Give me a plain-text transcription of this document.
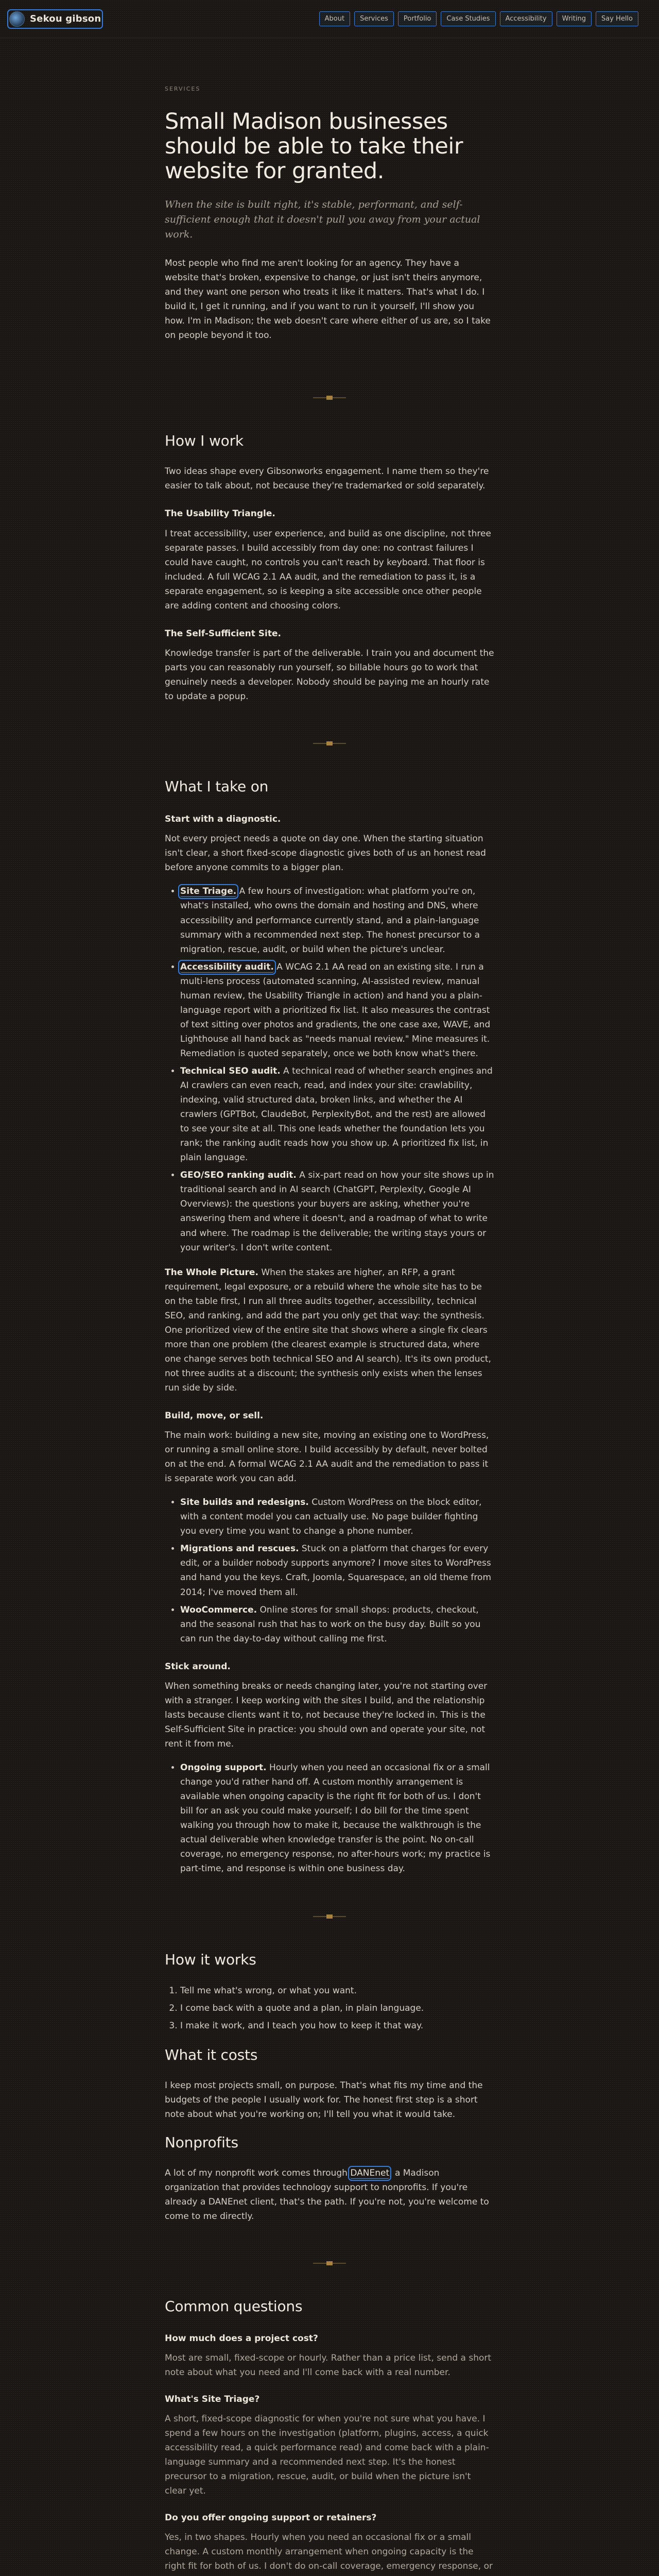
Sekou gibson	About	Services	Portfolio	Case Studies	Accessibility	Writing	Say Hello
SERVICES
Small Madison businesses should be able to take their website for granted.

When the site is built right, it's stable, performant, and self-sufficient enough that it doesn't pull you away from your actual work.

Most people who find me aren't looking for an agency. They have a website that's broken, expensive to change, or just isn't theirs anymore, and they want one person who treats it like it matters. That's what I do. I build it, I get it running, and if you want to run it yourself, I'll show you how. I'm in Madison; the web doesn't care where either of us are, so I take on people beyond it too.

How I work

Two ideas shape every Gibsonworks engagement. I name them so they're easier to talk about, not because they're trademarked or sold separately.

The Usability Triangle.

I treat accessibility, user experience, and build as one discipline, not three separate passes. I build accessibly from day one: no contrast failures I could have caught, no controls you can't reach by keyboard. That floor is included. A full WCAG 2.1 AA audit, and the remediation to pass it, is a separate engagement, so is keeping a site accessible once other people are adding content and choosing colors.

The Self-Sufficient Site.

Knowledge transfer is part of the deliverable. I train you and document the parts you can reasonably run yourself, so billable hours go to work that genuinely needs a developer. Nobody should be paying me an hourly rate to update a popup.

What I take on
Start with a diagnostic.

Not every project needs a quote on day one. When the starting situation isn't clear, a short fixed-scope diagnostic gives both of us an honest read before anyone commits to a bigger plan.

• Site Triage. A few hours of investigation: what platform you're on, what's installed, who owns the domain and hosting and DNS, where accessibility and performance currently stand, and a plain-language summary with a recommended next step. The honest precursor to a migration, rescue, audit, or build when the picture's unclear.
• Accessibility audit. A WCAG 2.1 AA read on an existing site. I run a multi-lens process (automated scanning, AI-assisted review, manual human review, the Usability Triangle in action) and hand you a plain-language report with a prioritized fix list. It also measures the contrast of text sitting over photos and gradients, the one case axe, WAVE, and Lighthouse all hand back as "needs manual review." Mine measures it. Remediation is quoted separately, once we both know what's there.
• Technical SEO audit. A technical read of whether search engines and AI crawlers can even reach, read, and index your site: crawlability, indexing, valid structured data, broken links, and whether the AI crawlers (GPTBot, ClaudeBot, PerplexityBot, and the rest) are allowed to see your site at all. This one leads whether the foundation lets you rank; the ranking audit reads how you show up. A prioritized fix list, in plain language.
• GEO/SEO ranking audit. A six-part read on how your site shows up in traditional search and in AI search (ChatGPT, Perplexity, Google AI Overviews): the questions your buyers are asking, whether you're answering them and where it doesn't, and a roadmap of what to write and where. The roadmap is the deliverable; the writing stays yours or your writer's. I don't write content.

The Whole Picture. When the stakes are higher, an RFP, a grant requirement, legal exposure, or a rebuild where the whole site has to be on the table first, I run all three audits together, accessibility, technical SEO, and ranking, and add the part you only get that way: the synthesis. One prioritized view of the entire site that shows where a single fix clears more than one problem (the clearest example is structured data, where one change serves both technical SEO and AI search). It's its own product, not three audits at a discount; the synthesis only exists when the lenses run side by side.

Build, move, or sell.

The main work: building a new site, moving an existing one to WordPress, or running a small online store. I build accessibly by default, never bolted on at the end. A formal WCAG 2.1 AA audit and the remediation to pass it is separate work you can add.

• Site builds and redesigns. Custom WordPress on the block editor, with a content model you can actually use. No page builder fighting you every time you want to change a phone number.
• Migrations and rescues. Stuck on a platform that charges for every edit, or a builder nobody supports anymore? I move sites to WordPress and hand you the keys. Craft, Joomla, Squarespace, an old theme from 2014; I've moved them all.
• WooCommerce. Online stores for small shops: products, checkout, and the seasonal rush that has to work on the busy day. Built so you can run the day-to-day without calling me first.
Stick around.

When something breaks or needs changing later, you're not starting over with a stranger. I keep working with the sites I build, and the relationship lasts because clients want it to, not because they're locked in. This is the Self-Sufficient Site in practice: you should own and operate your site, not rent it from me.

• Ongoing support. Hourly when you need an occasional fix or a small change you'd rather hand off. A custom monthly arrangement is available when ongoing capacity is the right fit for both of us. I don't bill for an ask you could make yourself; I do bill for the time spent walking you through how to make it, because the walkthrough is the actual deliverable when knowledge transfer is the point. No on-call coverage, no emergency response, no after-hours work; my practice is part-time, and response is within one business day.
How it works
1. Tell me what's wrong, or what you want.
2. I come back with a quote and a plan, in plain language.
3. I make it work, and I teach you how to keep it that way.
What it costs

I keep most projects small, on purpose. That's what fits my time and the budgets of the people I usually work for. The honest first step is a short note about what you're working on; I'll tell you what it would take.

Nonprofits

A lot of my nonprofit work comes through DANEnet, a Madison organization that provides technology support to nonprofits. If you're already a DANEnet client, that's the path. If you're not, you're welcome to come to me directly.

Common questions
How much does a project cost?

Most are small, fixed-scope or hourly. Rather than a price list, send a short note about what you need and I'll come back with a real number.

What's Site Triage?

A short, fixed-scope diagnostic for when you're not sure what you have. I spend a few hours on the investigation (platform, plugins, access, a quick accessibility read, a quick performance read) and come back with a plain-language summary and a recommended next step. It's the honest precursor to a migration, rescue, audit, or build when the picture isn't clear yet.

Do you offer ongoing support or retainers?

Yes, in two shapes. Hourly when you need an occasional fix or a small change. A custom monthly arrangement when ongoing capacity is the right fit for both of us. I don't do on-call coverage, emergency response, or
